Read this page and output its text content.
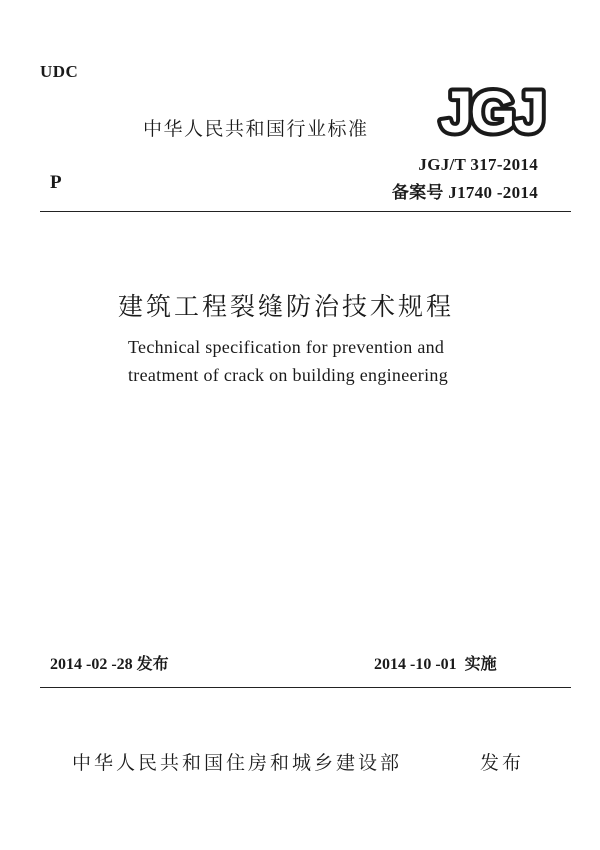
UDC
中华人民共和国行业标准 JGJ
P
JGJ/T 317-2014
备案号 J1740 -2014
建筑工程裂缝防治技术规程
Technical specification for prevention and
treatment of crack on building engineering
2014 -02 -28 发布	2014 -10 -01  实施
中华人民共和国住房和城乡建设部	发布
